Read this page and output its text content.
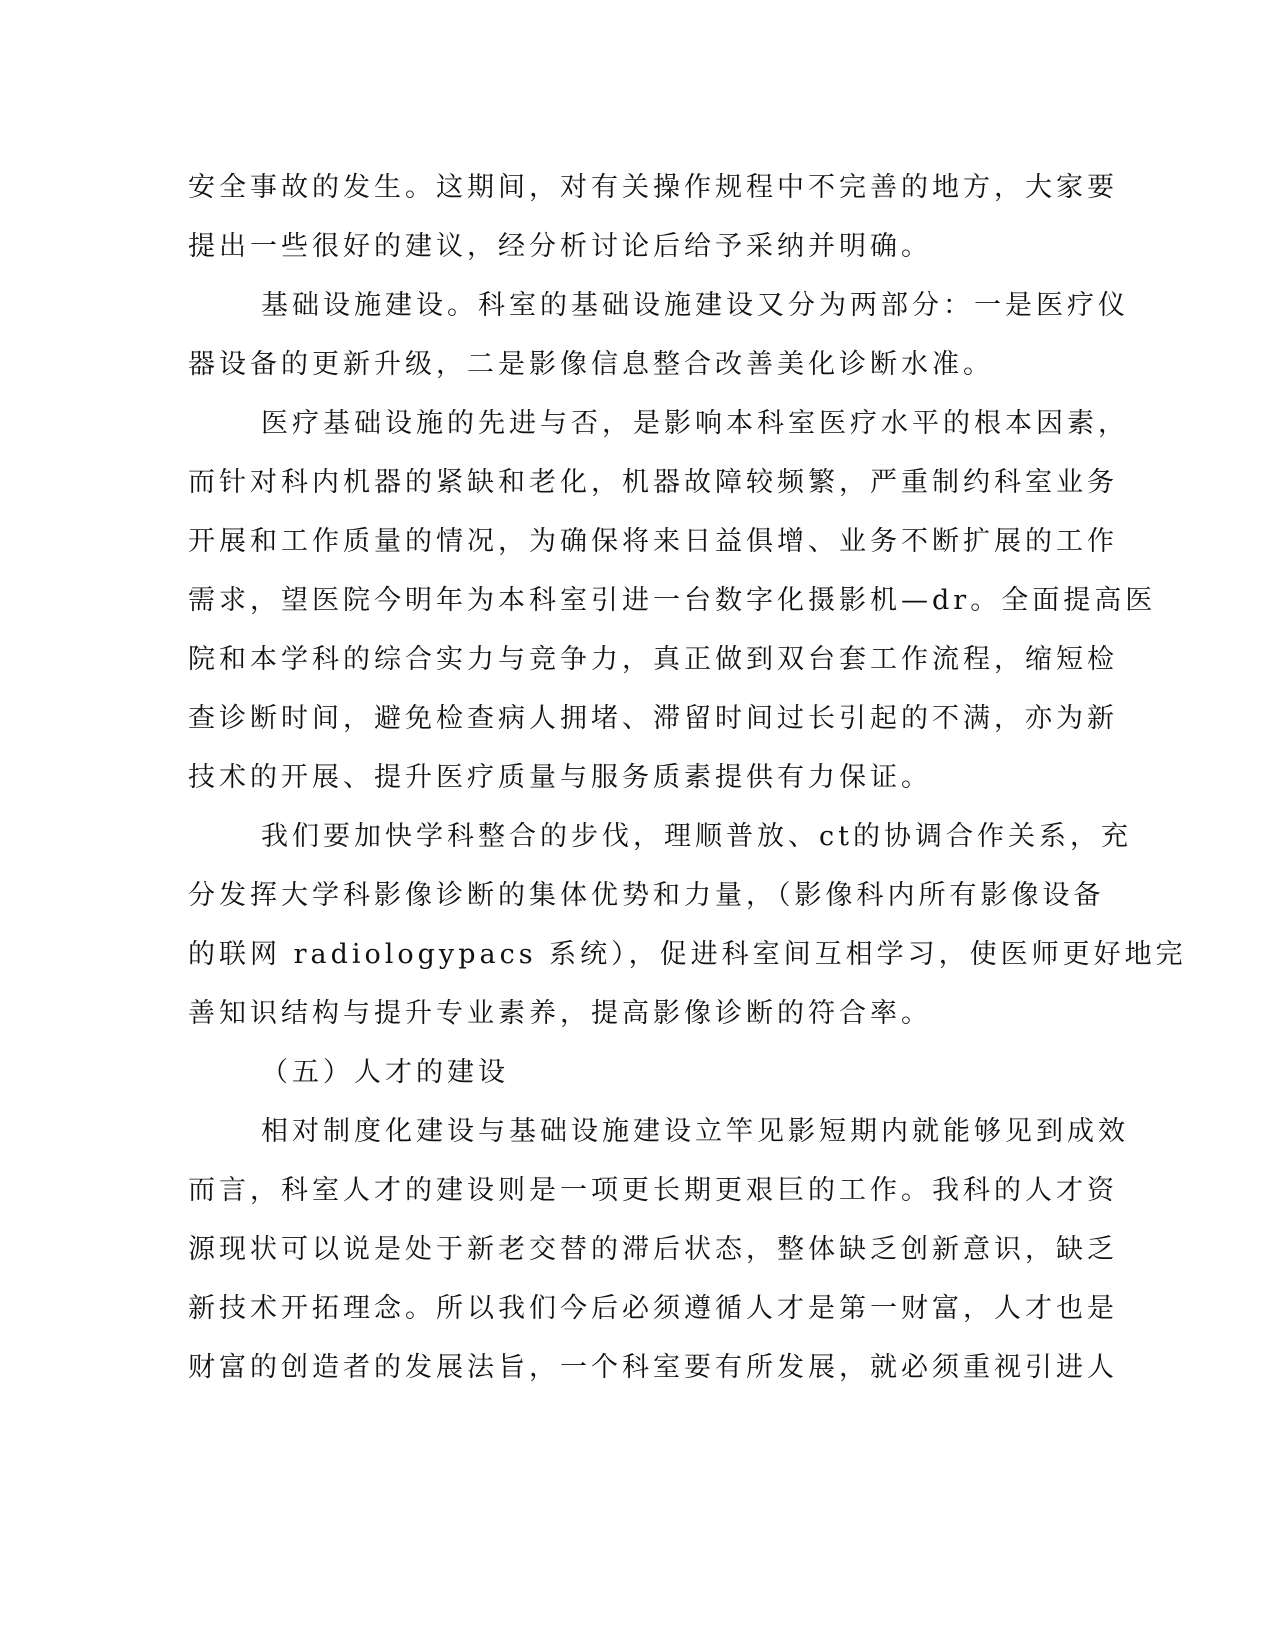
安全事故的发生。这期间，对有关操作规程中不完善的地方，大家要
提出一些很好的建议，经分析讨论后给予采纳并明确。
基础设施建设。科室的基础设施建设又分为两部分：一是医疗仪
器设备的更新升级，二是影像信息整合改善美化诊断水准。
医疗基础设施的先进与否，是影响本科室医疗水平的根本因素，
而针对科内机器的紧缺和老化，机器故障较频繁，严重制约科室业务
开展和工作质量的情况，为确保将来日益俱增、业务不断扩展的工作
需求，望医院今明年为本科室引进一台数字化摄影机—dr。全面提高医
院和本学科的综合实力与竞争力，真正做到双台套工作流程，缩短检
查诊断时间，避免检查病人拥堵、滞留时间过长引起的不满，亦为新
技术的开展、提升医疗质量与服务质素提供有力保证。
我们要加快学科整合的步伐，理顺普放、ct的协调合作关系，充
分发挥大学科影像诊断的集体优势和力量，（影像科内所有影像设备
的联网 radiologypacs 系统），促进科室间互相学习，使医师更好地完
善知识结构与提升专业素养，提高影像诊断的符合率。
（五）人才的建设
相对制度化建设与基础设施建设立竿见影短期内就能够见到成效
而言，科室人才的建设则是一项更长期更艰巨的工作。我科的人才资
源现状可以说是处于新老交替的滞后状态，整体缺乏创新意识，缺乏
新技术开拓理念。所以我们今后必须遵循人才是第一财富，人才也是
财富的创造者的发展法旨，一个科室要有所发展，就必须重视引进人
